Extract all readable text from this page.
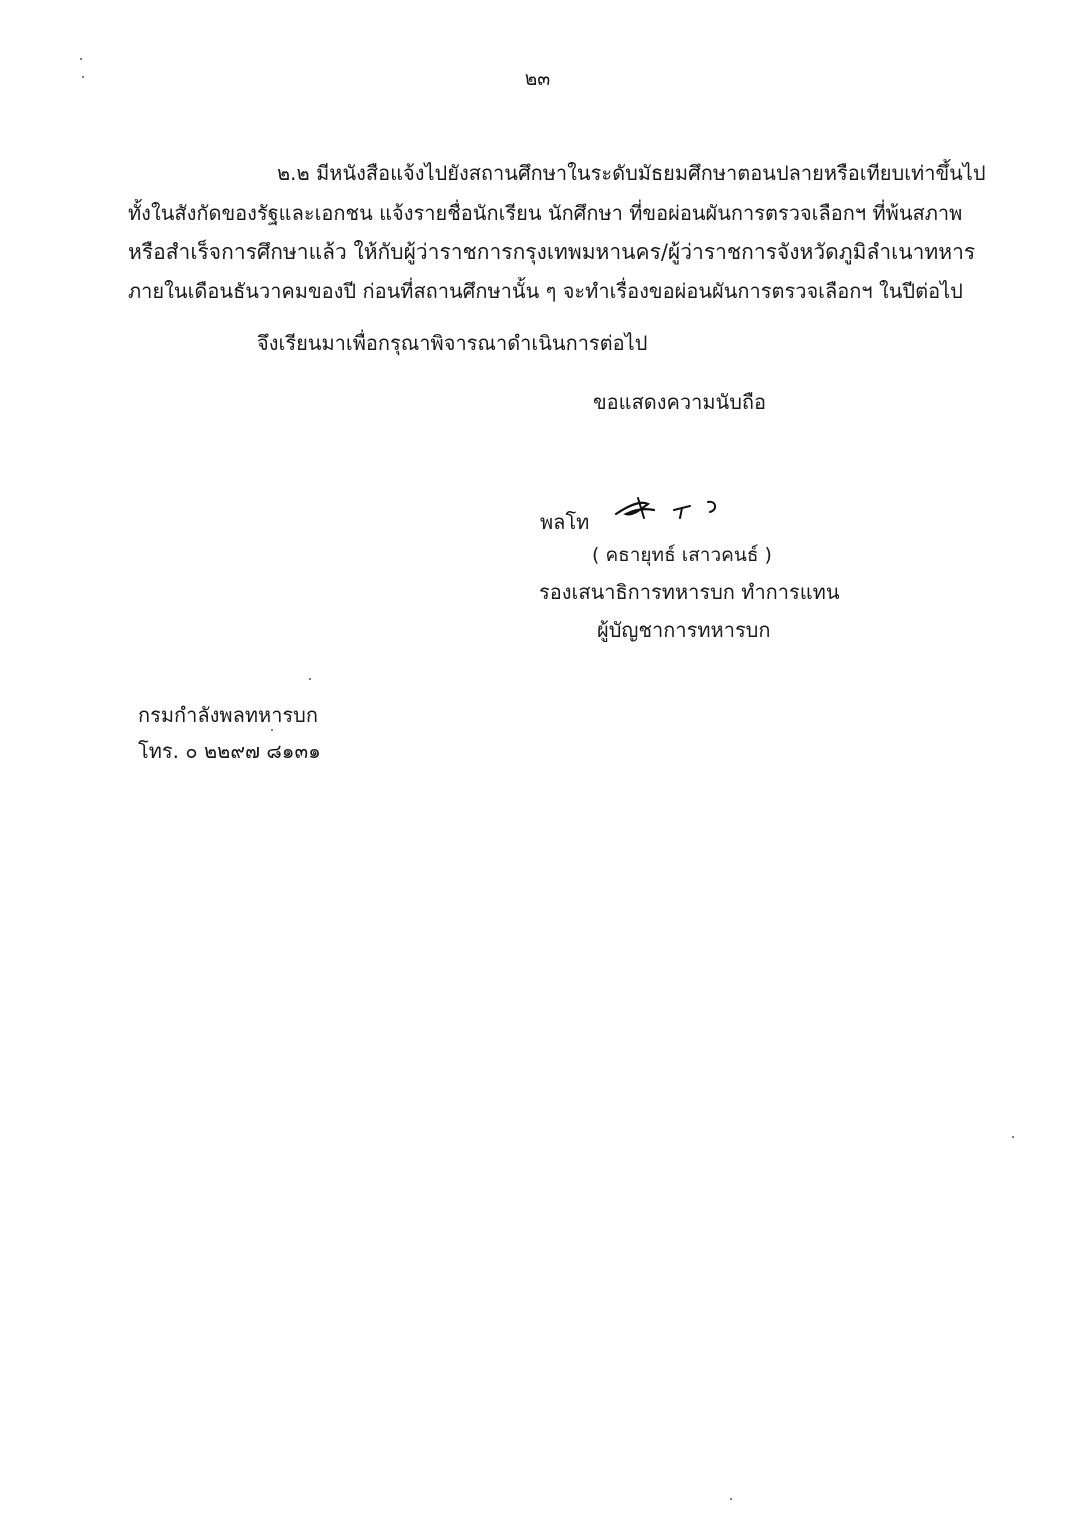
๒๓
๒.๒ มีหนังสือแจ้งไปยังสถานศึกษาในระดับมัธยมศึกษาตอนปลายหรือเทียบเท่าขึ้นไป
ทั้งในสังกัดของรัฐและเอกชน แจ้งรายชื่อนักเรียน นักศึกษา ที่ขอผ่อนผันการตรวจเลือกฯ ที่พ้นสภาพ
หรือสำเร็จการศึกษาแล้ว ให้กับผู้ว่าราชการกรุงเทพมหานคร/ผู้ว่าราชการจังหวัดภูมิลำเนาทหาร
ภายในเดือนธันวาคมของปี ก่อนที่สถานศึกษานั้น ๆ จะทำเรื่องขอผ่อนผันการตรวจเลือกฯ ในปีต่อไป
จึงเรียนมาเพื่อกรุณาพิจารณาดำเนินการต่อไป
ขอแสดงความนับถือ
พลโท
( คธายุทธ์ เสาวคนธ์ )
รองเสนาธิการทหารบก ทำการแทน
ผู้บัญชาการทหารบก
กรมกำลังพลทหารบก
โทร. ๐ ๒๒๙๗ ๘๑๓๑
